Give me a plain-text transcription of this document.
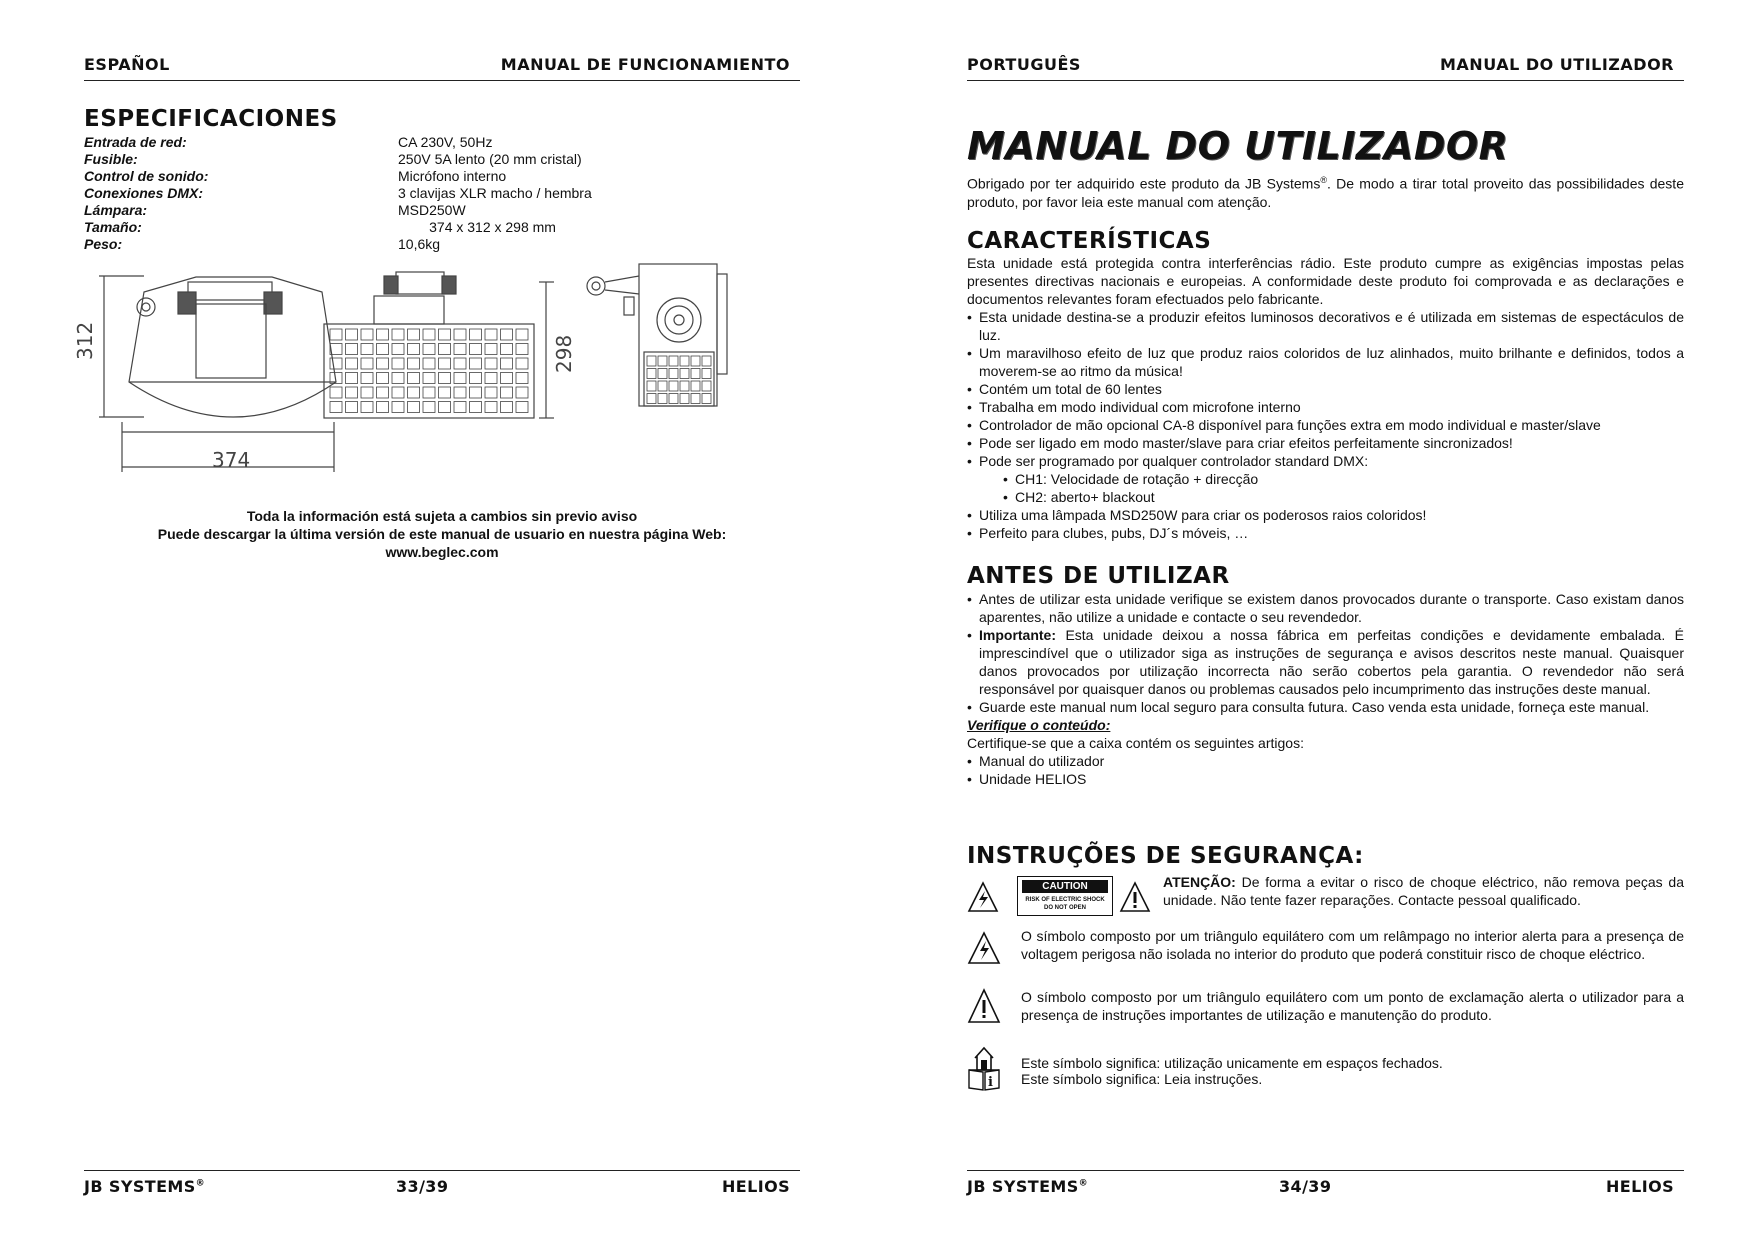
ESPAÑOL	MANUAL DE FUNCIONAMIENTO
ESPECIFICACIONES
Entrada de red:	CA 230V, 50Hz
Fusible:	250V 5A lento (20 mm cristal)
Control de sonido:	Micrófono interno
Conexiones DMX:	3 clavijas XLR macho / hembra
Lámpara:	MSD250W
Tamaño:	374 x 312 x 298 mm
Peso:	10,6kg
312
374
298
Toda la información está sujeta a cambios sin previo aviso
Puede descargar la última versión de este manual de usuario en nuestra página Web:
www.beglec.com
JB SYSTEMS®	33/39	HELIOS
PORTUGUÊS	MANUAL DO UTILIZADOR
MANUAL DO UTILIZADOR
Obrigado por ter adquirido este produto da JB Systems®. De modo a tirar total proveito das possibilidades deste produto, por favor leia este manual com atenção.
CARACTERÍSTICAS

Esta unidade está protegida contra interferências rádio. Este produto cumpre as exigências impostas pelas presentes directivas nacionais e europeias. A conformidade deste produto foi comprovada e as declarações e documentos relevantes foram efectuados pelo fabricante.

• Esta unidade destina-se a produzir efeitos luminosos decorativos e é utilizada em sistemas de espectáculos de luz.
• Um maravilhoso efeito de luz que produz raios coloridos de luz alinhados, muito brilhante e definidos, todos a moverem-se ao ritmo da música!
• Contém um total de 60 lentes
• Trabalha em modo individual com microfone interno
• Controlador de mão opcional CA-8 disponível para funções extra em modo individual e master/slave
• Pode ser ligado em modo master/slave para criar efeitos perfeitamente sincronizados!
• Pode ser programado por qualquer controlador standard DMX:
• CH1: Velocidade de rotação + direcção
• CH2: aberto+ blackout
• Utiliza uma lâmpada MSD250W para criar os poderosos raios coloridos!
• Perfeito para clubes, pubs, DJ´s móveis, …
ANTES DE UTILIZAR
• Antes de utilizar esta unidade verifique se existem danos provocados durante o transporte. Caso existam danos aparentes, não utilize a unidade e contacte o seu revendedor.
• Importante: Esta unidade deixou a nossa fábrica em perfeitas condições e devidamente embalada. É imprescindível que o utilizador siga as instruções de segurança e avisos descritos neste manual. Quaisquer danos provocados por utilização incorrecta não serão cobertos pela garantia. O revendedor não será responsável por quaisquer danos ou problemas causados pelo incumprimento das instruções deste manual.
• Guarde este manual num local seguro para consulta futura. Caso venda esta unidade, forneça este manual.
Verifique o conteúdo:
Certifique-se que a caixa contém os seguintes artigos:
• Manual do utilizador
• Unidade HELIOS
INSTRUÇÕES DE SEGURANÇA:
CAUTION
RISK OF ELECTRIC SHOCK
DO NOT OPEN
ATENÇÃO: De forma a evitar o risco de choque eléctrico, não remova peças da unidade. Não tente fazer reparações. Contacte pessoal qualificado.
O símbolo composto por um triângulo equilátero com um relâmpago no interior alerta para a presença de voltagem perigosa não isolada no interior do produto que poderá constituir risco de choque eléctrico.
O símbolo composto por um triângulo equilátero com um ponto de exclamação alerta o utilizador para a presença de instruções importantes de utilização e manutenção do produto.
Este símbolo significa: utilização unicamente em espaços fechados.
i Este símbolo significa: Leia instruções.
JB SYSTEMS®	34/39	HELIOS
